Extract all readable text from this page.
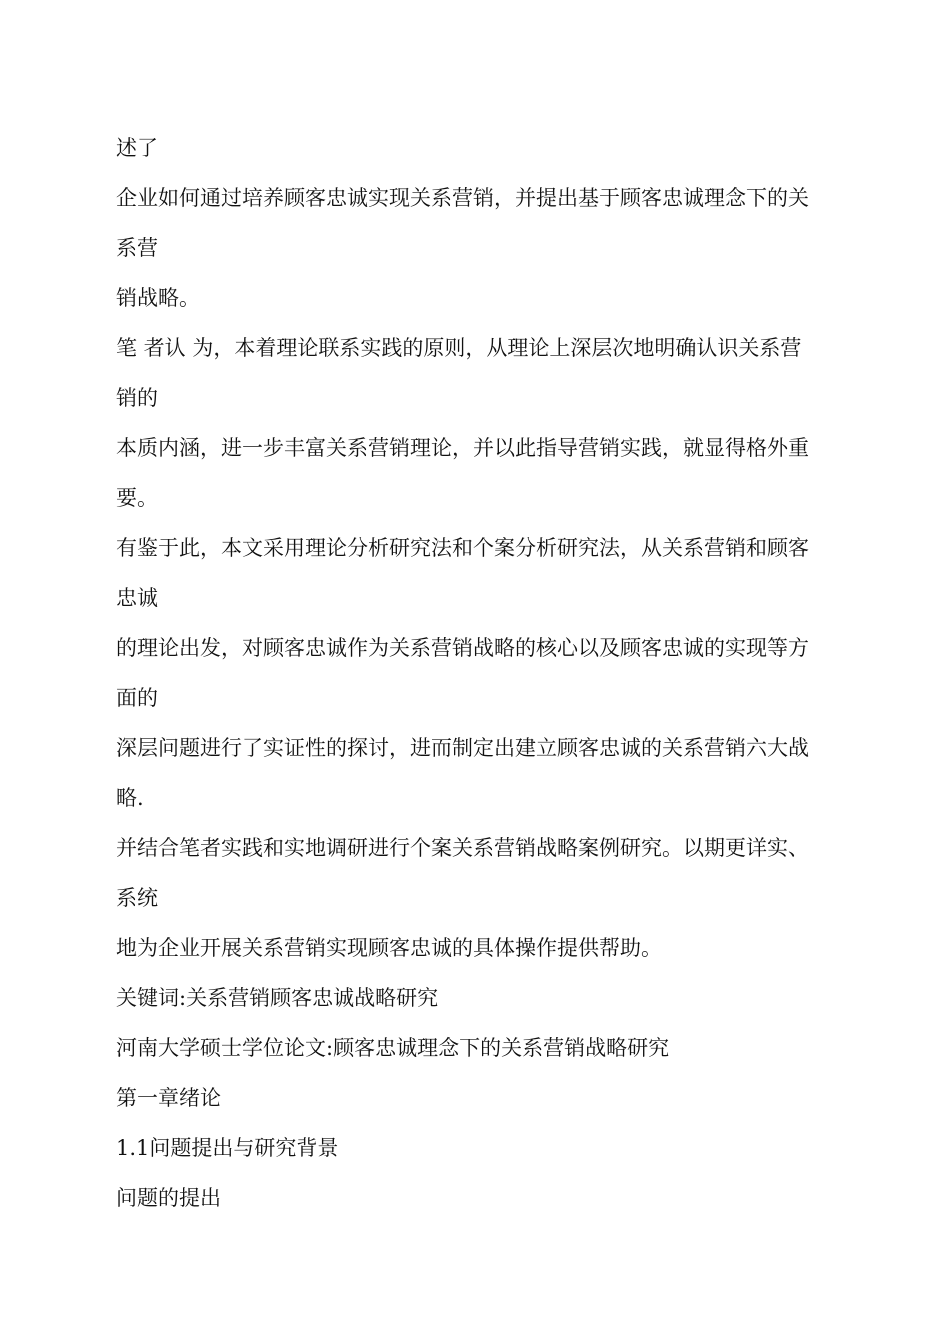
述了

企业如何通过培养顾客忠诚实现关系营销，并提出基于顾客忠诚理念下的关

系营

销战略。

笔 者认 为，本着理论联系实践的原则，从理论上深层次地明确认识关系营

销的

本质内涵，进一步丰富关系营销理论，并以此指导营销实践，就显得格外重

要。

有鉴于此，本文采用理论分析研究法和个案分析研究法，从关系营销和顾客

忠诚

的理论出发，对顾客忠诚作为关系营销战略的核心以及顾客忠诚的实现等方

面的

深层问题进行了实证性的探讨，进而制定出建立顾客忠诚的关系营销六大战

略.

并结合笔者实践和实地调研进行个案关系营销战略案例研究。以期更详实、

系统

地为企业开展关系营销实现顾客忠诚的具体操作提供帮助。

关键词:关系营销顾客忠诚战略研究

河南大学硕士学位论文:顾客忠诚理念下的关系营销战略研究

第一章绪论

1.1问题提出与研究背景

问题的提出
